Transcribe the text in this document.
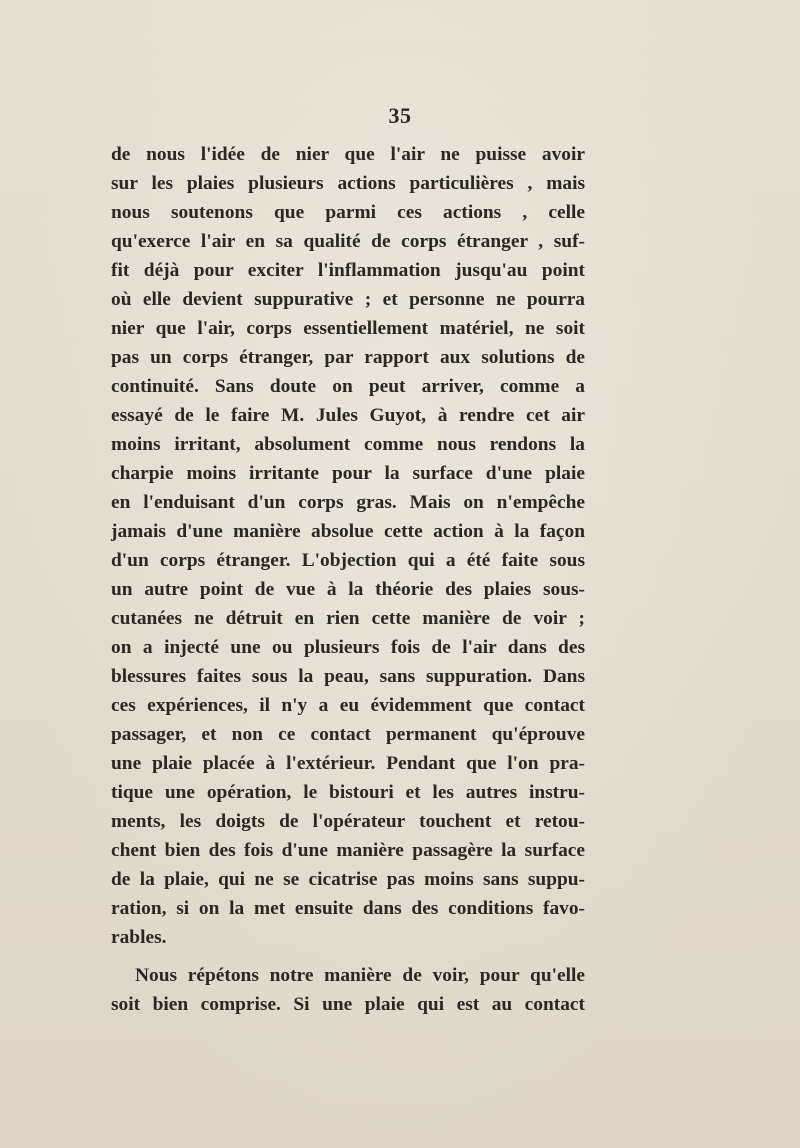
35
de nous l'idée de nier que l'air ne puisse avoir
sur les plaies plusieurs actions particulières , mais
nous soutenons que parmi ces actions , celle
qu'exerce l'air en sa qualité de corps étranger , suf-
fit déjà pour exciter l'inflammation jusqu'au point
où elle devient suppurative ; et personne ne pourra
nier que l'air, corps essentiellement matériel, ne soit
pas un corps étranger, par rapport aux solutions de
continuité. Sans doute on peut arriver, comme a
essayé de le faire M. Jules Guyot, à rendre cet air
moins irritant, absolument comme nous rendons la
charpie moins irritante pour la surface d'une plaie
en l'enduisant d'un corps gras. Mais on n'empêche
jamais d'une manière absolue cette action à la façon
d'un corps étranger. L'objection qui a été faite sous
un autre point de vue à la théorie des plaies sous-
cutanées ne détruit en rien cette manière de voir ;
on a injecté une ou plusieurs fois de l'air dans des
blessures faites sous la peau, sans suppuration. Dans
ces expériences, il n'y a eu évidemment que contact
passager, et non ce contact permanent qu'éprouve
une plaie placée à l'extérieur. Pendant que l'on pra-
tique une opération, le bistouri et les autres instru-
ments, les doigts de l'opérateur touchent et retou-
chent bien des fois d'une manière passagère la surface
de la plaie, qui ne se cicatrise pas moins sans suppu-
ration, si on la met ensuite dans des conditions favo-
rables.
Nous répétons notre manière de voir, pour qu'elle
soit bien comprise. Si une plaie qui est au contact
